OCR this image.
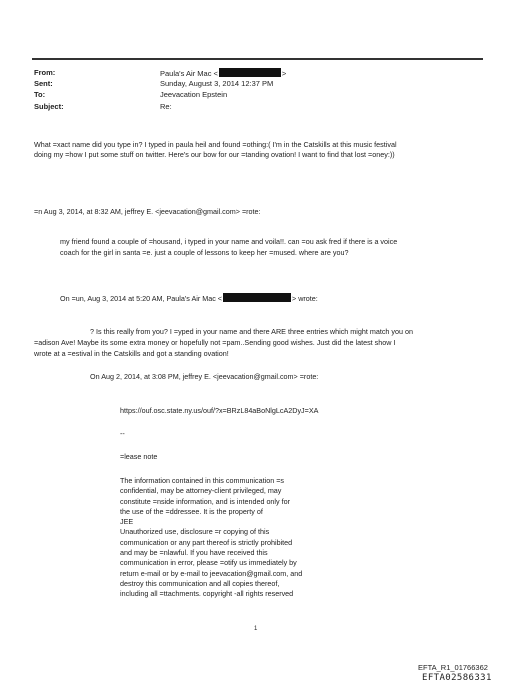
From:
Sent:
To:
Subject:
Paula's Air Mac <	>
Sunday, August 3, 2014 12:37 PM
Jeevacation Epstein
Re:
What =xact name did you type in? I typed in paula heil and found =othing:( I'm in the Catskills at this music festival
doing my =how I put some stuff on twitter. Here's our bow for our =tanding ovation! I want to find that lost =oney:))
=n Aug 3, 2014, at 8:32 AM, jeffrey E. <jeevacation@gmail.com> =rote:
my friend found a couple of =housand, i typed in your name and voila!!. can =ou ask fred if there is a voice
coach for the girl in santa =e. just a couple of lessons to keep her =mused. where are you?
On =un, Aug 3, 2014 at 5:20 AM, Paula's Air Mac <	> wrote:
? Is this really from you? I =yped in your name and there ARE three entries which might match you on
=adison Ave! Maybe its some extra money or hopefully not =pam..Sending good wishes. Just did the latest show I
wrote at a =estival in the Catskills and got a standing ovation!
On Aug 2, 2014, at 3:08 PM, jeffrey E. <jeevacation@gmail.com> =rote:
https://ouf.osc.state.ny.us/ouf/?x=BRzL84aBoNlgLcA2DyJ=XA
--
=lease note
The information contained in this communication =s
confidential, may be attorney-client privileged, may
constitute =nside information, and is intended only for
the use of the =ddressee. It is the property of
JEE
Unauthorized use, disclosure =r copying of this
communication or any part thereof is strictly prohibited
and may be =nlawful. If you have received this
communication in error, please =otify us immediately by
return e-mail or by e-mail to jeevacation@gmail.com, and
destroy this communication and all copies thereof,
including all =ttachments. copyright -all rights reserved
1
EFTA_R1_01766362
EFTA02586331
